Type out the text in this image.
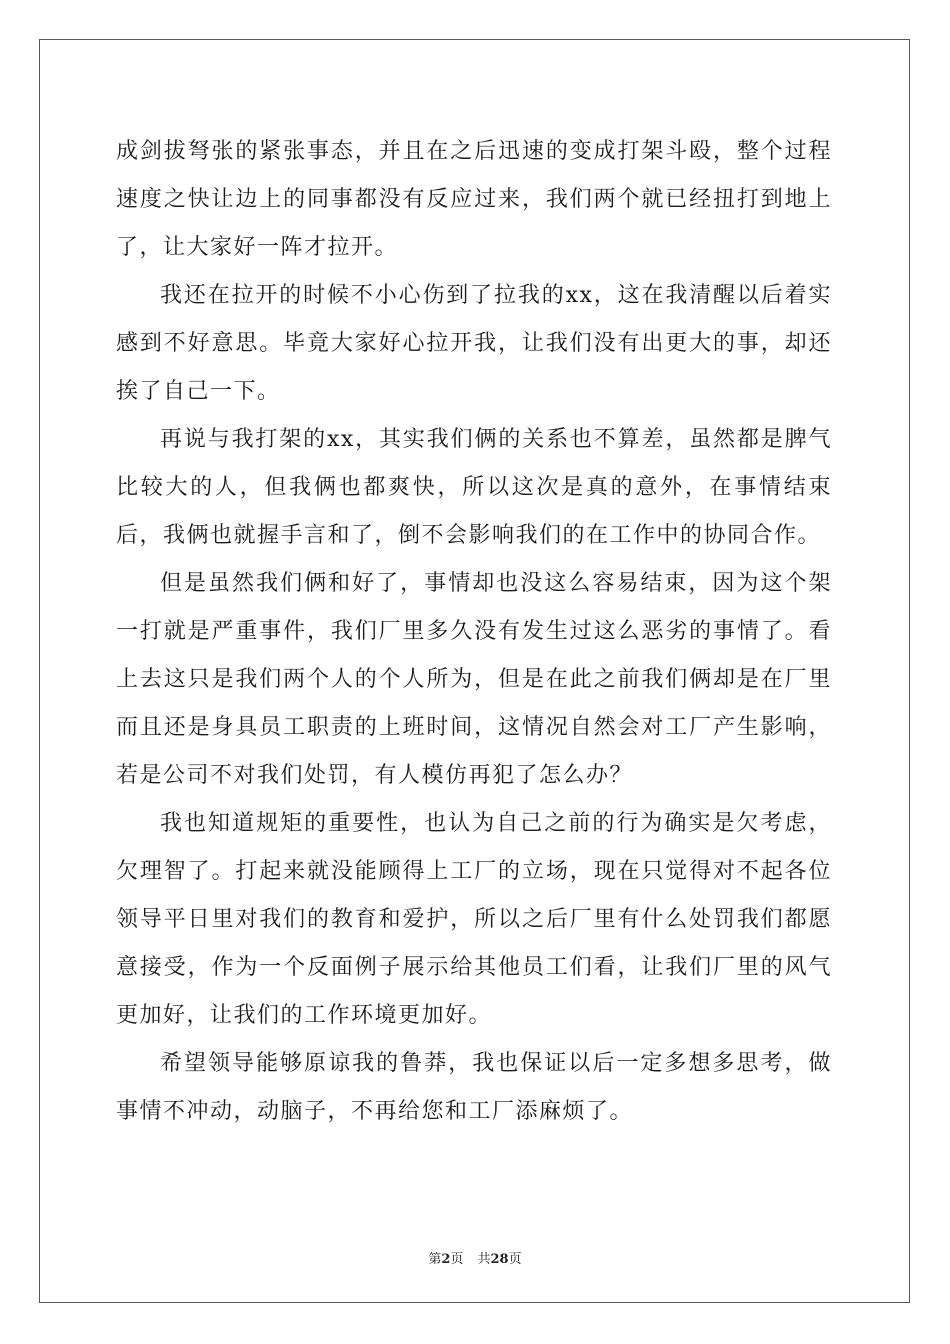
成剑拔弩张的紧张事态，并且在之后迅速的变成打架斗殴，整个过程速度之快让边上的同事都没有反应过来，我们两个就已经扭打到地上了，让大家好一阵才拉开。

我还在拉开的时候不小心伤到了拉我的xx，这在我清醒以后着实感到不好意思。毕竟大家好心拉开我，让我们没有出更大的事，却还挨了自己一下。

再说与我打架的xx，其实我们俩的关系也不算差，虽然都是脾气比较大的人，但我俩也都爽快，所以这次是真的意外，在事情结束后，我俩也就握手言和了，倒不会影响我们的在工作中的协同合作。

但是虽然我们俩和好了，事情却也没这么容易结束，因为这个架一打就是严重事件，我们厂里多久没有发生过这么恶劣的事情了。看上去这只是我们两个人的个人所为，但是在此之前我们俩却是在厂里而且还是身具员工职责的上班时间，这情况自然会对工厂产生影响，若是公司不对我们处罚，有人模仿再犯了怎么办？

我也知道规矩的重要性，也认为自己之前的行为确实是欠考虑，欠理智了。打起来就没能顾得上工厂的立场，现在只觉得对不起各位领导平日里对我们的教育和爱护，所以之后厂里有什么处罚我们都愿意接受，作为一个反面例子展示给其他员工们看，让我们厂里的风气更加好，让我们的工作环境更加好。

希望领导能够原谅我的鲁莽，我也保证以后一定多想多思考，做事情不冲动，动脑子，不再给您和工厂添麻烦了。

第2页 共28页
